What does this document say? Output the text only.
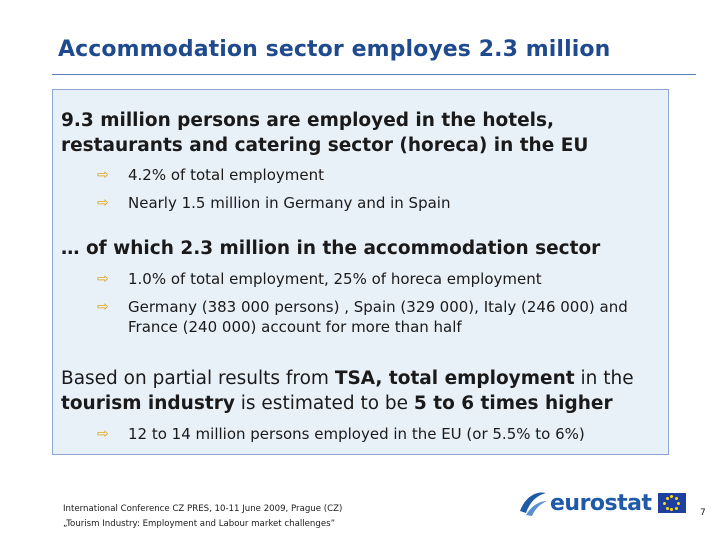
Accommodation sector employes 2.3 million
9.3 million persons are employed in the hotels, restaurants and catering sector (horeca) in the EU
⇨	4.2% of total employment
⇨	Nearly 1.5 million in Germany and in Spain
… of which 2.3 million in the accommodation sector
⇨	1.0% of total employment, 25% of horeca employment
⇨	Germany (383 000 persons) , Spain (329 000), Italy (246 000) and France (240 000) account for more than half
Based on partial results from TSA, total employment in the tourism industry is estimated to be 5 to 6 times higher
⇨	12 to 14 million persons employed in the EU (or 5.5% to 6%)
International Conference CZ PRES, 10-11 June 2009, Prague (CZ)
„Tourism Industry: Employment and Labour market challenges”
eurostat	7
